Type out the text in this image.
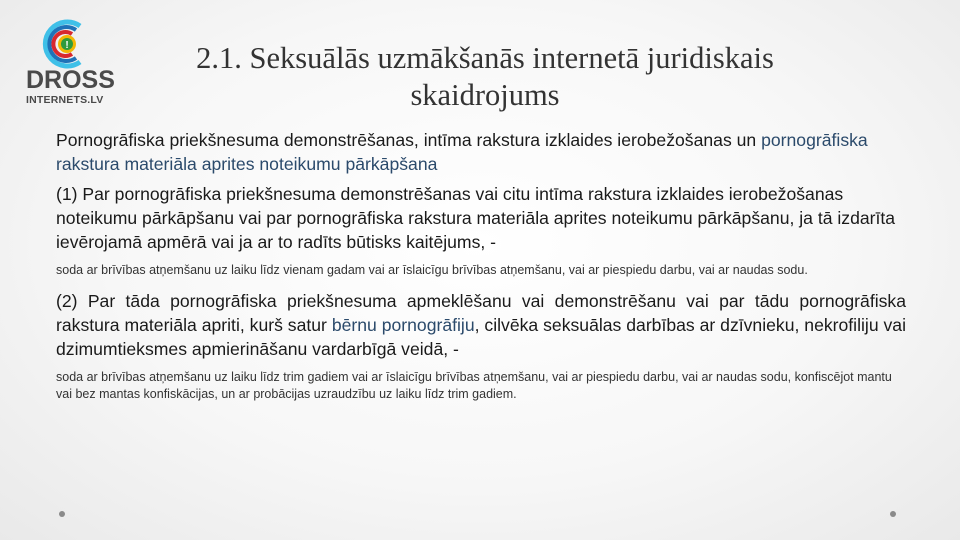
!
DROSS
INTERNETS.LV
2.1. Seksuālās uzmākšanās internetā juridiskais
skaidrojums

Pornogrāfiska priekšnesuma demonstrēšanas, intīma rakstura izklaides ierobežošanas un pornogrāfiska rakstura materiāla aprites noteikumu pārkāpšana

(1) Par pornogrāfiska priekšnesuma demonstrēšanas vai citu intīma rakstura izklaides ierobežošanas noteikumu pārkāpšanu vai par pornogrāfiska rakstura materiāla aprites noteikumu pārkāpšanu, ja tā izdarīta ievērojamā apmērā vai ja ar to radīts būtisks kaitējums, -

soda ar brīvības atņemšanu uz laiku līdz vienam gadam vai ar īslaicīgu brīvības atņemšanu, vai ar piespiedu darbu, vai ar naudas sodu.

(2) Par tāda pornogrāfiska priekšnesuma apmeklēšanu vai demonstrēšanu vai par tādu pornogrāfiska rakstura materiāla apriti, kurš satur bērnu pornogrāfiju, cilvēka seksuālas darbības ar dzīvnieku, nekrofiliju vai dzimumtieksmes apmierināšanu vardarbīgā veidā, -

soda ar brīvības atņemšanu uz laiku līdz trim gadiem vai ar īslaicīgu brīvības atņemšanu, vai ar piespiedu darbu, vai ar naudas sodu, konfiscējot mantu vai bez mantas konfiskācijas, un ar probācijas uzraudzību uz laiku līdz trim gadiem.
